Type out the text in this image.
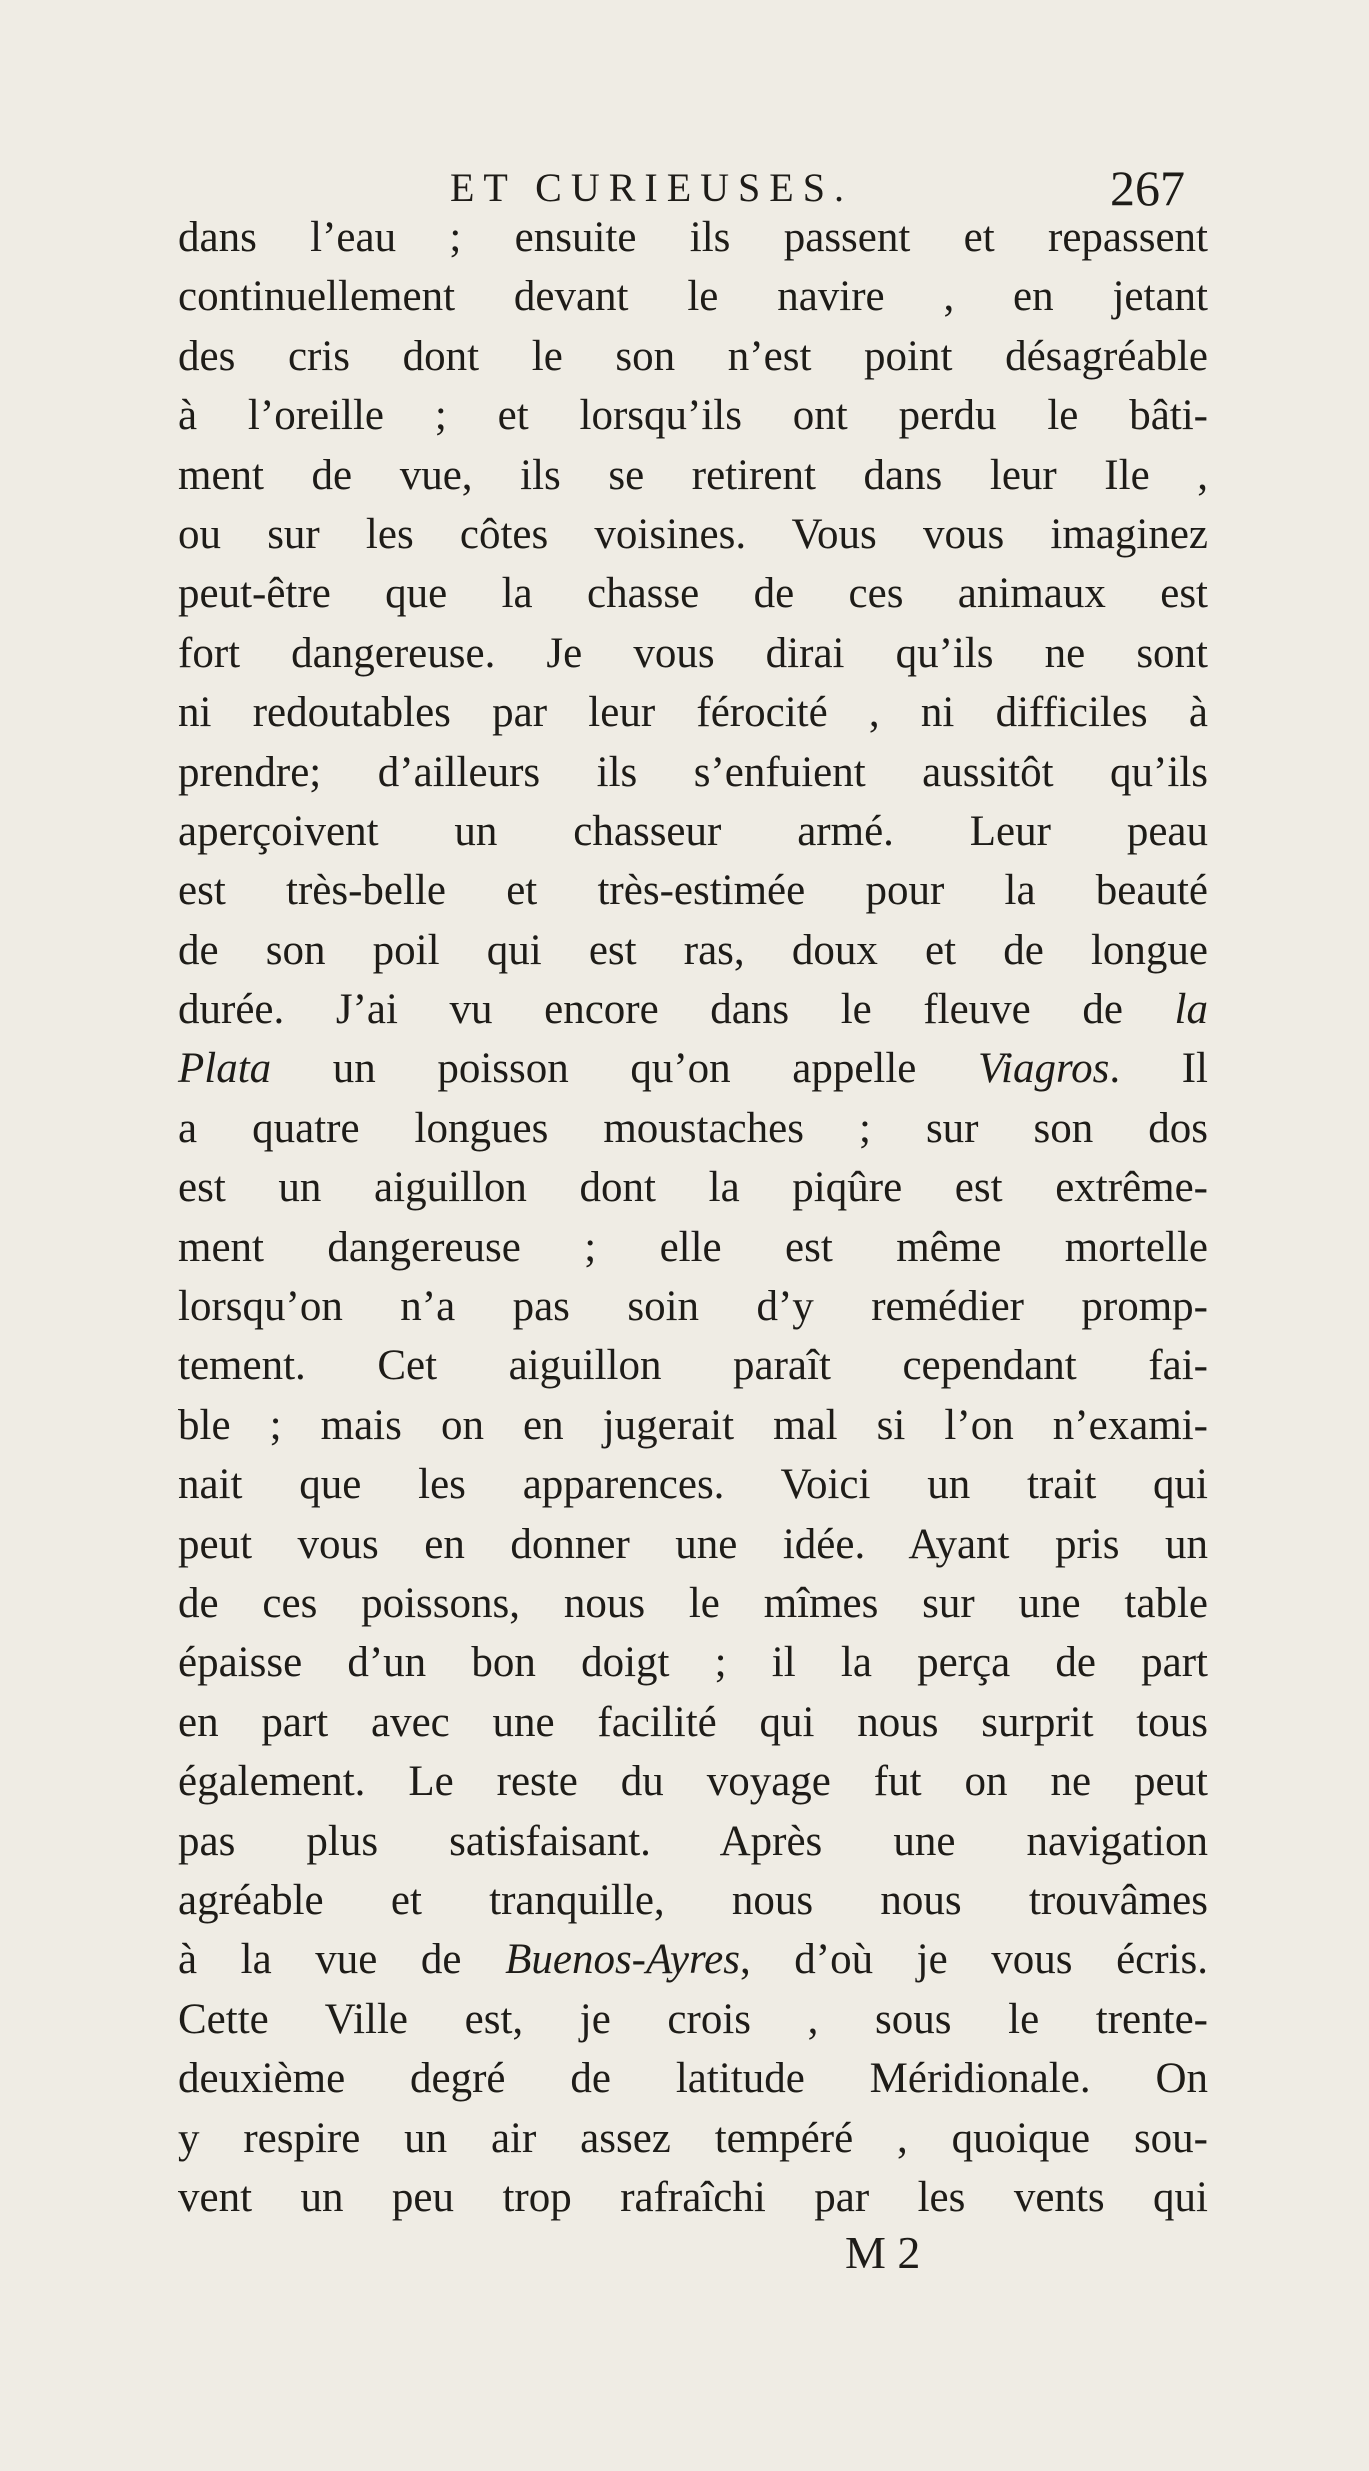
ET CURIEUSES.	267
dans l’eau ; ensuite ils passent et repassent
continuellement devant le navire , en jetant
des cris dont le son n’est point désagréable
à l’oreille ; et lorsqu’ils ont perdu le bâti-
ment de vue, ils se retirent dans leur Ile ,
ou sur les côtes voisines. Vous vous imaginez
peut-être que la chasse de ces animaux est
fort dangereuse. Je vous dirai qu’ils ne sont
ni redoutables par leur férocité , ni difficiles à
prendre; d’ailleurs ils s’enfuient aussitôt qu’ils
aperçoivent un chasseur armé. Leur peau
est très-belle et très-estimée pour la beauté
de son poil qui est ras, doux et de longue
durée. J’ai vu encore dans le fleuve de la
Plata un poisson qu’on appelle Viagros. Il
a quatre longues moustaches ; sur son dos
est un aiguillon dont la piqûre est extrême-
ment dangereuse ; elle est même mortelle
lorsqu’on n’a pas soin d’y remédier promp-
tement. Cet aiguillon paraît cependant fai-
ble ; mais on en jugerait mal si l’on n’exami-
nait que les apparences. Voici un trait qui
peut vous en donner une idée. Ayant pris un
de ces poissons, nous le mîmes sur une table
épaisse d’un bon doigt ; il la perça de part
en part avec une facilité qui nous surprit tous
également. Le reste du voyage fut on ne peut
pas plus satisfaisant. Après une navigation
agréable et tranquille, nous nous trouvâmes
à la vue de Buenos-Ayres, d’où je vous écris.
Cette Ville est, je crois , sous le trente-
deuxième degré de latitude Méridionale. On
y respire un air assez tempéré , quoique sou-
vent un peu trop rafraîchi par les vents qui
M 2
